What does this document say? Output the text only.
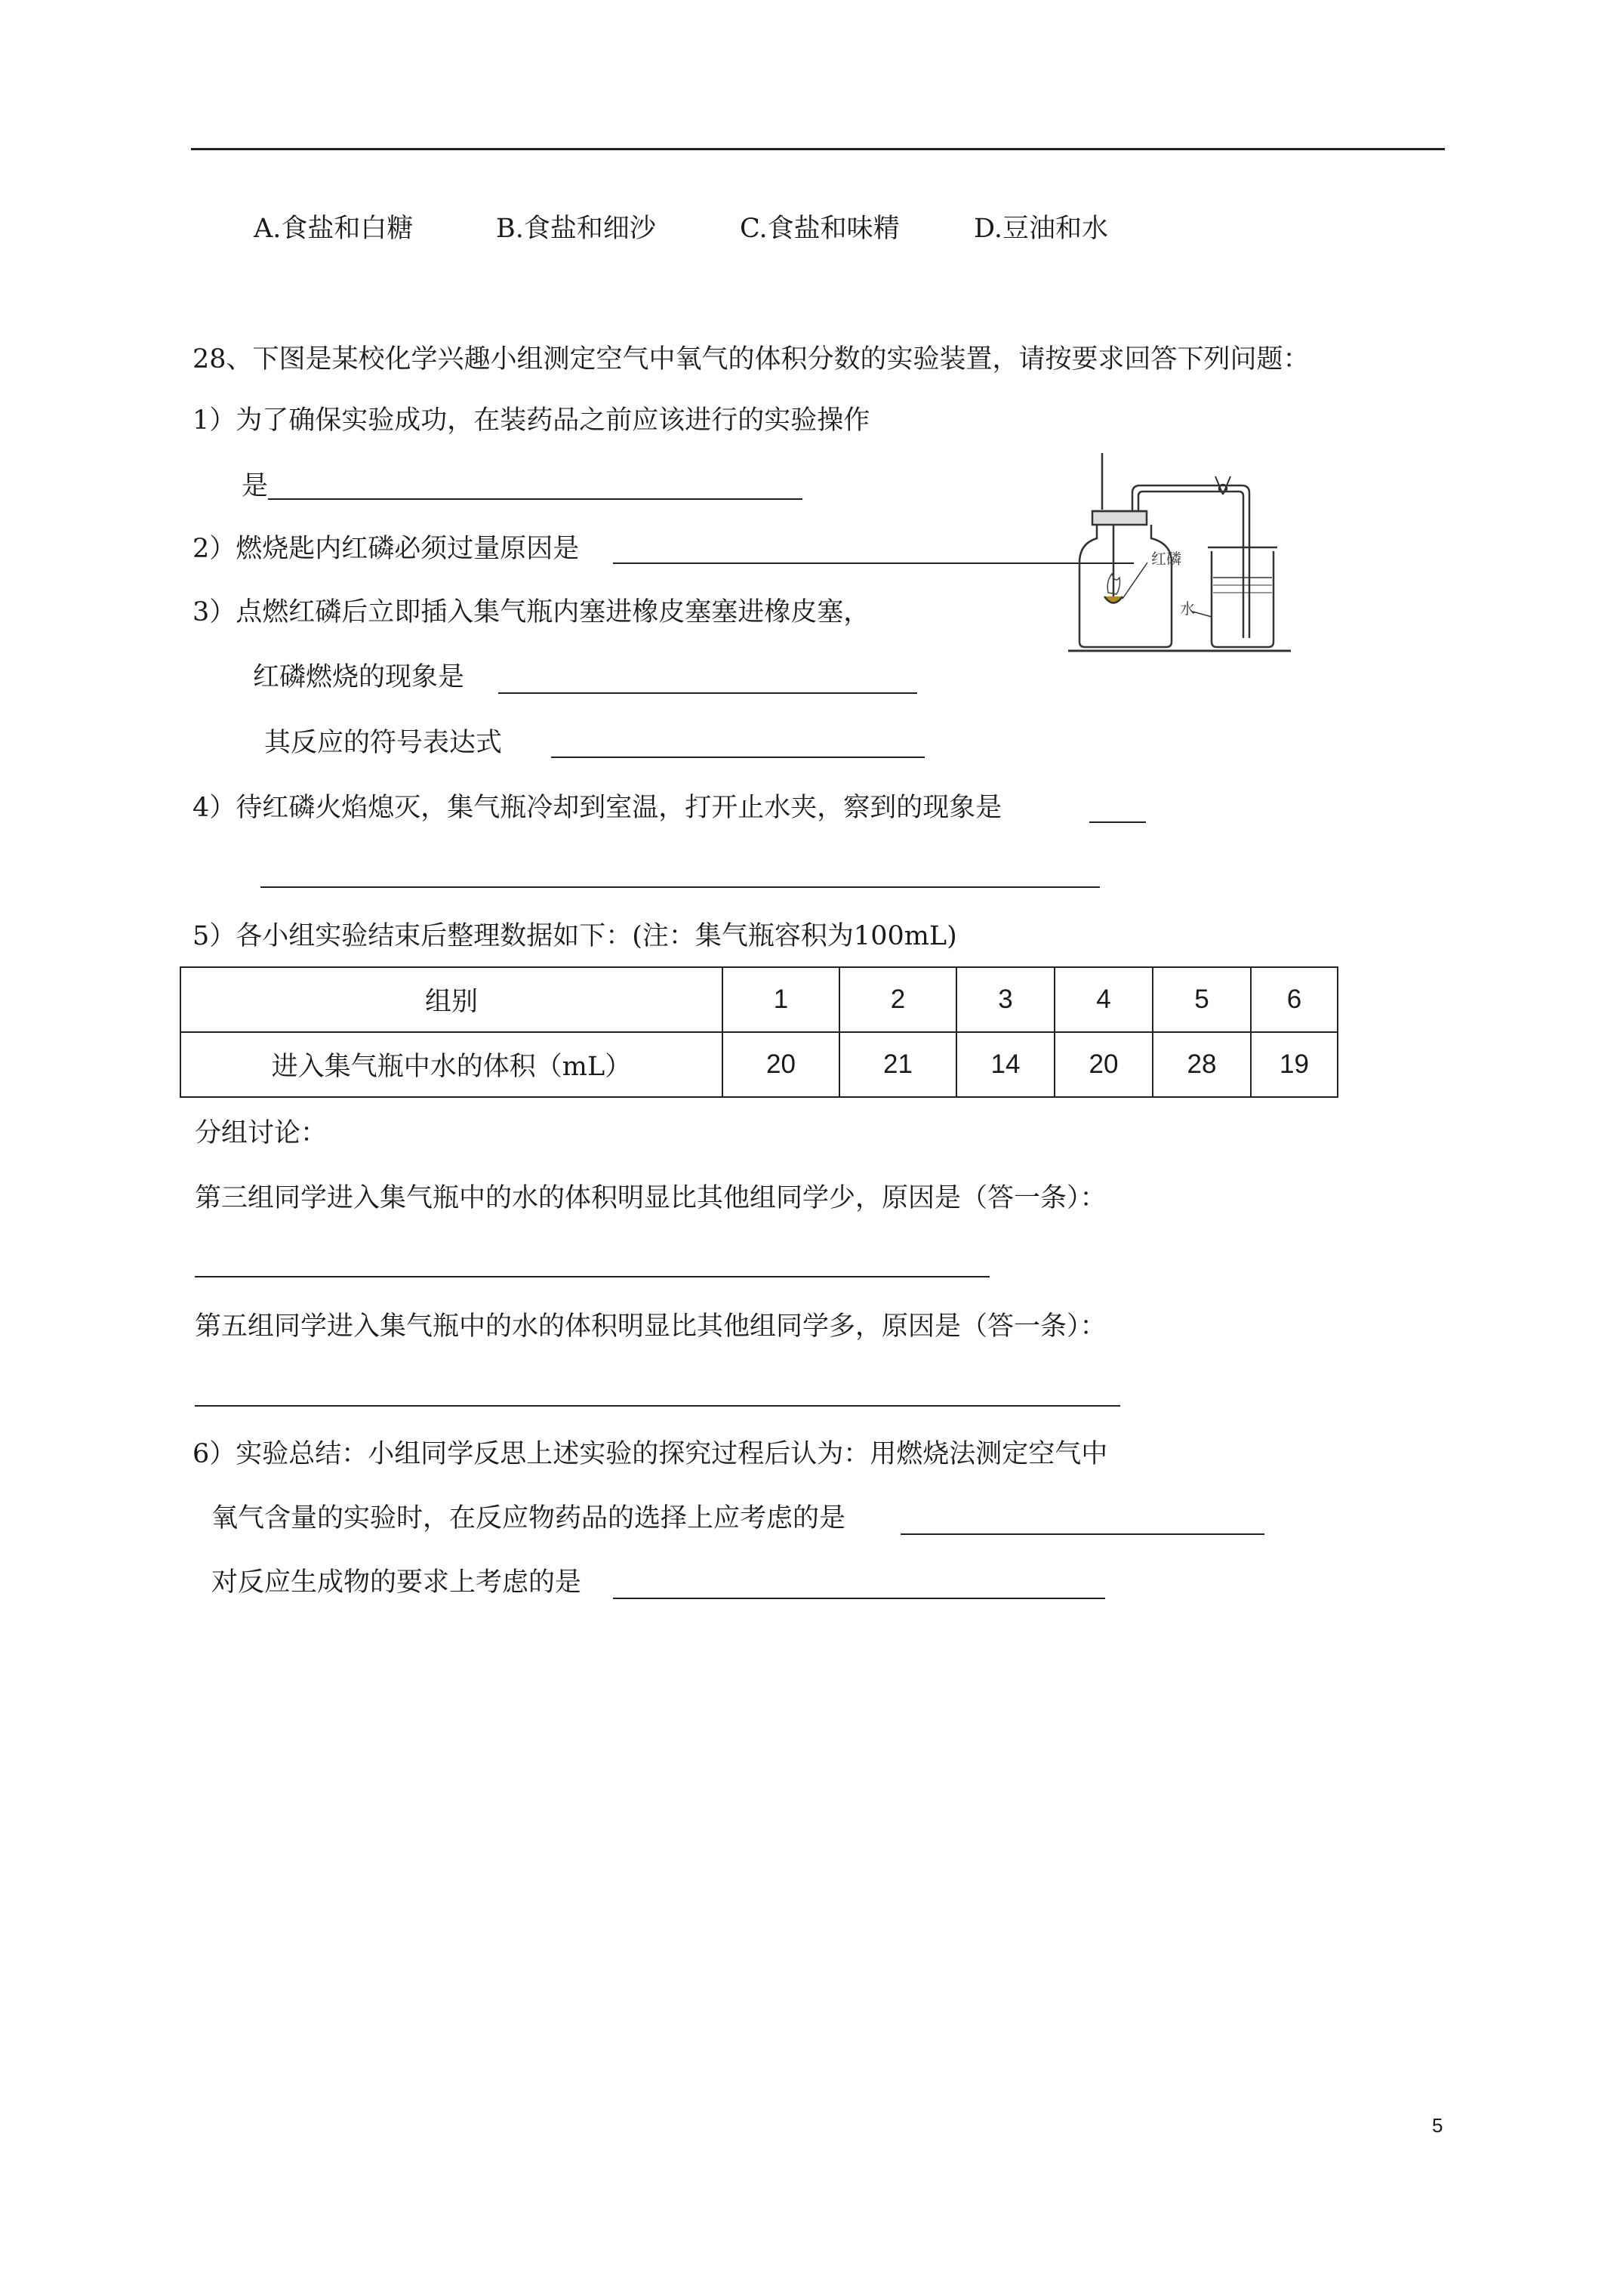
A.食盐和白糖	B.食盐和细沙	C.食盐和味精	D.豆油和水
28、下图是某校化学兴趣小组测定空气中氧气的体积分数的实验装置，请按要求回答下列问题：
1）为了确保实验成功，在装药品之前应该进行的实验操作
是
2）燃烧匙内红磷必须过量原因是
3）点燃红磷后立即插入集气瓶内塞进橡皮塞塞进橡皮塞，
红磷燃烧的现象是
其反应的符号表达式
4）待红磷火焰熄灭，集气瓶冷却到室温，打开止水夹，察到的现象是
5）各小组实验结束后整理数据如下：(注：集气瓶容积为100mL)
红磷
水
组别	1	2	3	4	5	6
进入集气瓶中水的体积（mL）	20	21	14	20	28	19
分组讨论：
第三组同学进入集气瓶中的水的体积明显比其他组同学少，原因是（答一条）：
第五组同学进入集气瓶中的水的体积明显比其他组同学多，原因是（答一条）：
6）实验总结：小组同学反思上述实验的探究过程后认为：用燃烧法测定空气中
氧气含量的实验时，在反应物药品的选择上应考虑的是
对反应生成物的要求上考虑的是
5
